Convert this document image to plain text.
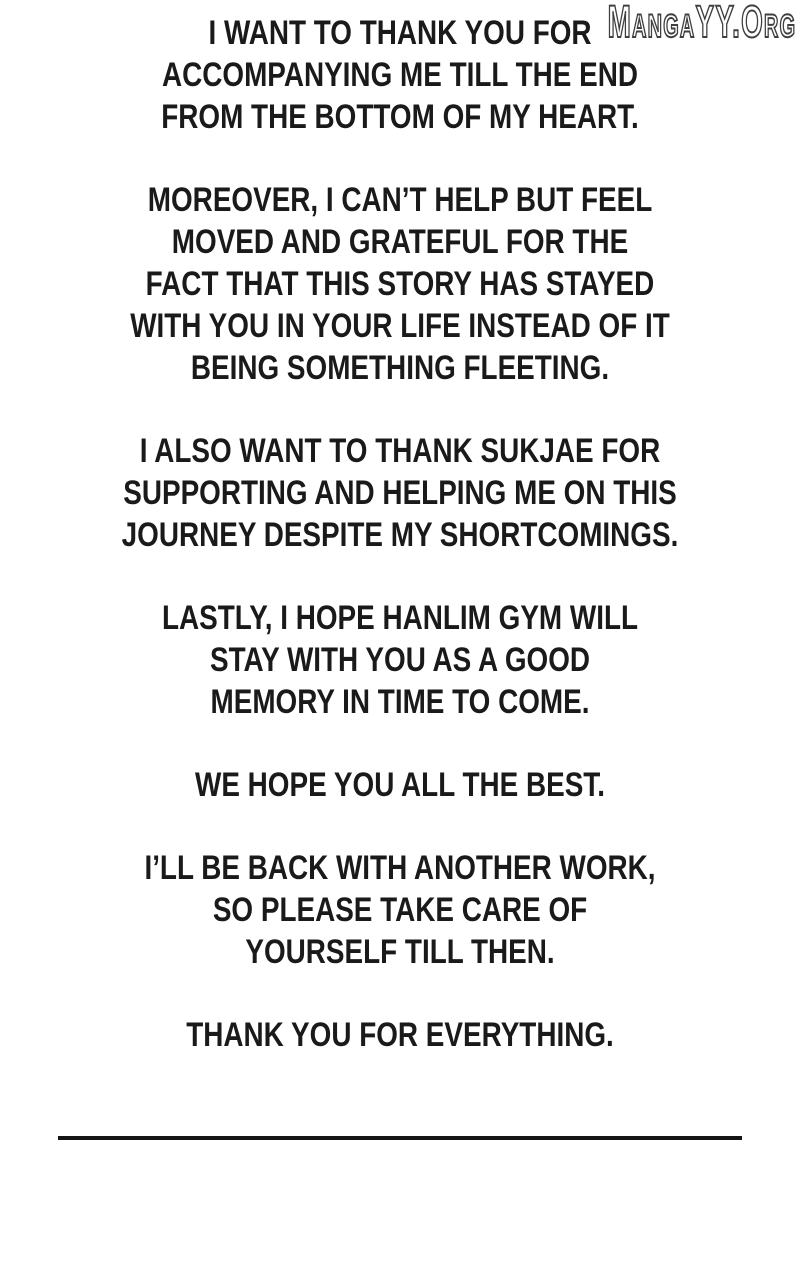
MangaYY.Org

I WANT TO THANK YOU FOR
ACCOMPANYING ME TILL THE END
FROM THE BOTTOM OF MY HEART.

MOREOVER, I CAN’T HELP BUT FEEL
MOVED AND GRATEFUL FOR THE
FACT THAT THIS STORY HAS STAYED
WITH YOU IN YOUR LIFE INSTEAD OF IT
BEING SOMETHING FLEETING.

I ALSO WANT TO THANK SUKJAE FOR
SUPPORTING AND HELPING ME ON THIS
JOURNEY DESPITE MY SHORTCOMINGS.

LASTLY, I HOPE HANLIM GYM WILL
STAY WITH YOU AS A GOOD
MEMORY IN TIME TO COME.

WE HOPE YOU ALL THE BEST.

I’LL BE BACK WITH ANOTHER WORK,
SO PLEASE TAKE CARE OF
YOURSELF TILL THEN.

THANK YOU FOR EVERYTHING.
